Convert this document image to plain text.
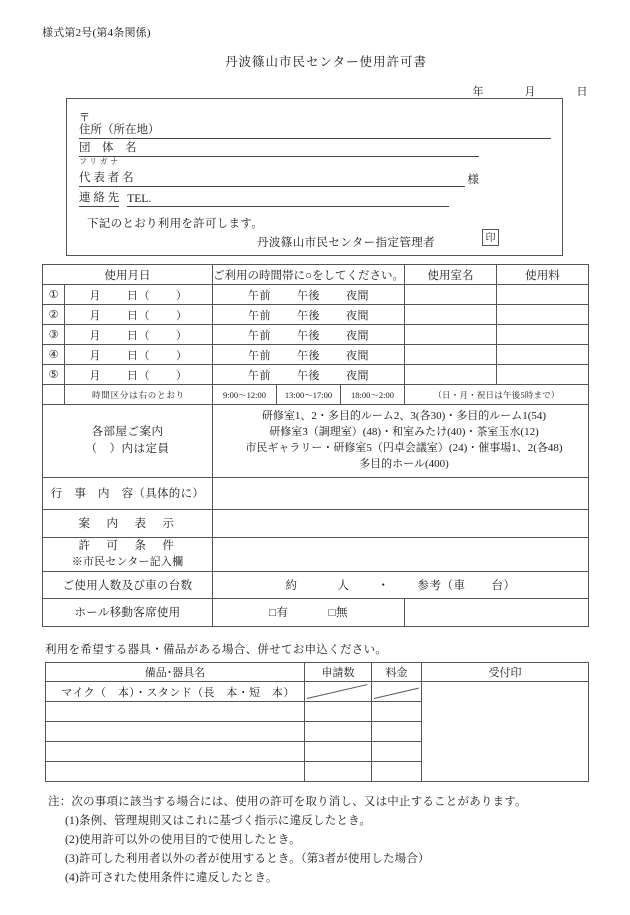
様式第2号(第4条関係)
丹波篠山市民センター使用許可書
年	月	日
〒
住所（所在地）
団　体　名
フリガナ
代 表 者 名	様
連 絡 先 TEL.
下記のとおり利用を許可します。
丹波篠山市民センター指定管理者	印
使用月日		ご利用の時間帯に○をしてください。			使用室名	使用料
①	月 日（ ）	午前 午後 夜間				
②	月 日（ ）	午前 午後 夜間				
③	月 日（ ）	午前 午後 夜間				
④	月 日（ ）	午前 午後 夜間				
⑤	月 日（ ）	午前 午後 夜間				
	時間区分は右のとおり	9:00～12:00	13:00～17:00	18:00～2:00	（日・月・祝日は午後5時まで）	

各部屋ご案内
（　）内は定員

研修室1、2・多目的ルーム2、3(各30)・多目的ルーム1(54)
研修室3（調理室）(48)・和室みたけ(40)・茶室玉水(12)
市民ギャラリー・研修室5（円卓会議室）(24)・催事場1、2(各48)
多目的ホール(400)

行　事　内　容（具体的に）						
案　内　表　示						

許　可　条　件
※市民センター記入欄						

ご使用人数及び車の台数		約 人 ・ 参考（車 台）				
ホール移動客席使用		□有 □無				
利用を希望する器具・備品がある場合、併せてお申込ください。
備品･器具名	申請数	料金	受付印
マイク（　本）・スタンド（長　本・短　本）			

注：次の事項に該当する場合には、使用の許可を取り消し、又は中止することがあります。
(1)条例、管理規則又はこれに基づく指示に違反したとき。
(2)使用許可以外の使用目的で使用したとき。
(3)許可した利用者以外の者が使用するとき。（第3者が使用した場合）
(4)許可された使用条件に違反したとき。
